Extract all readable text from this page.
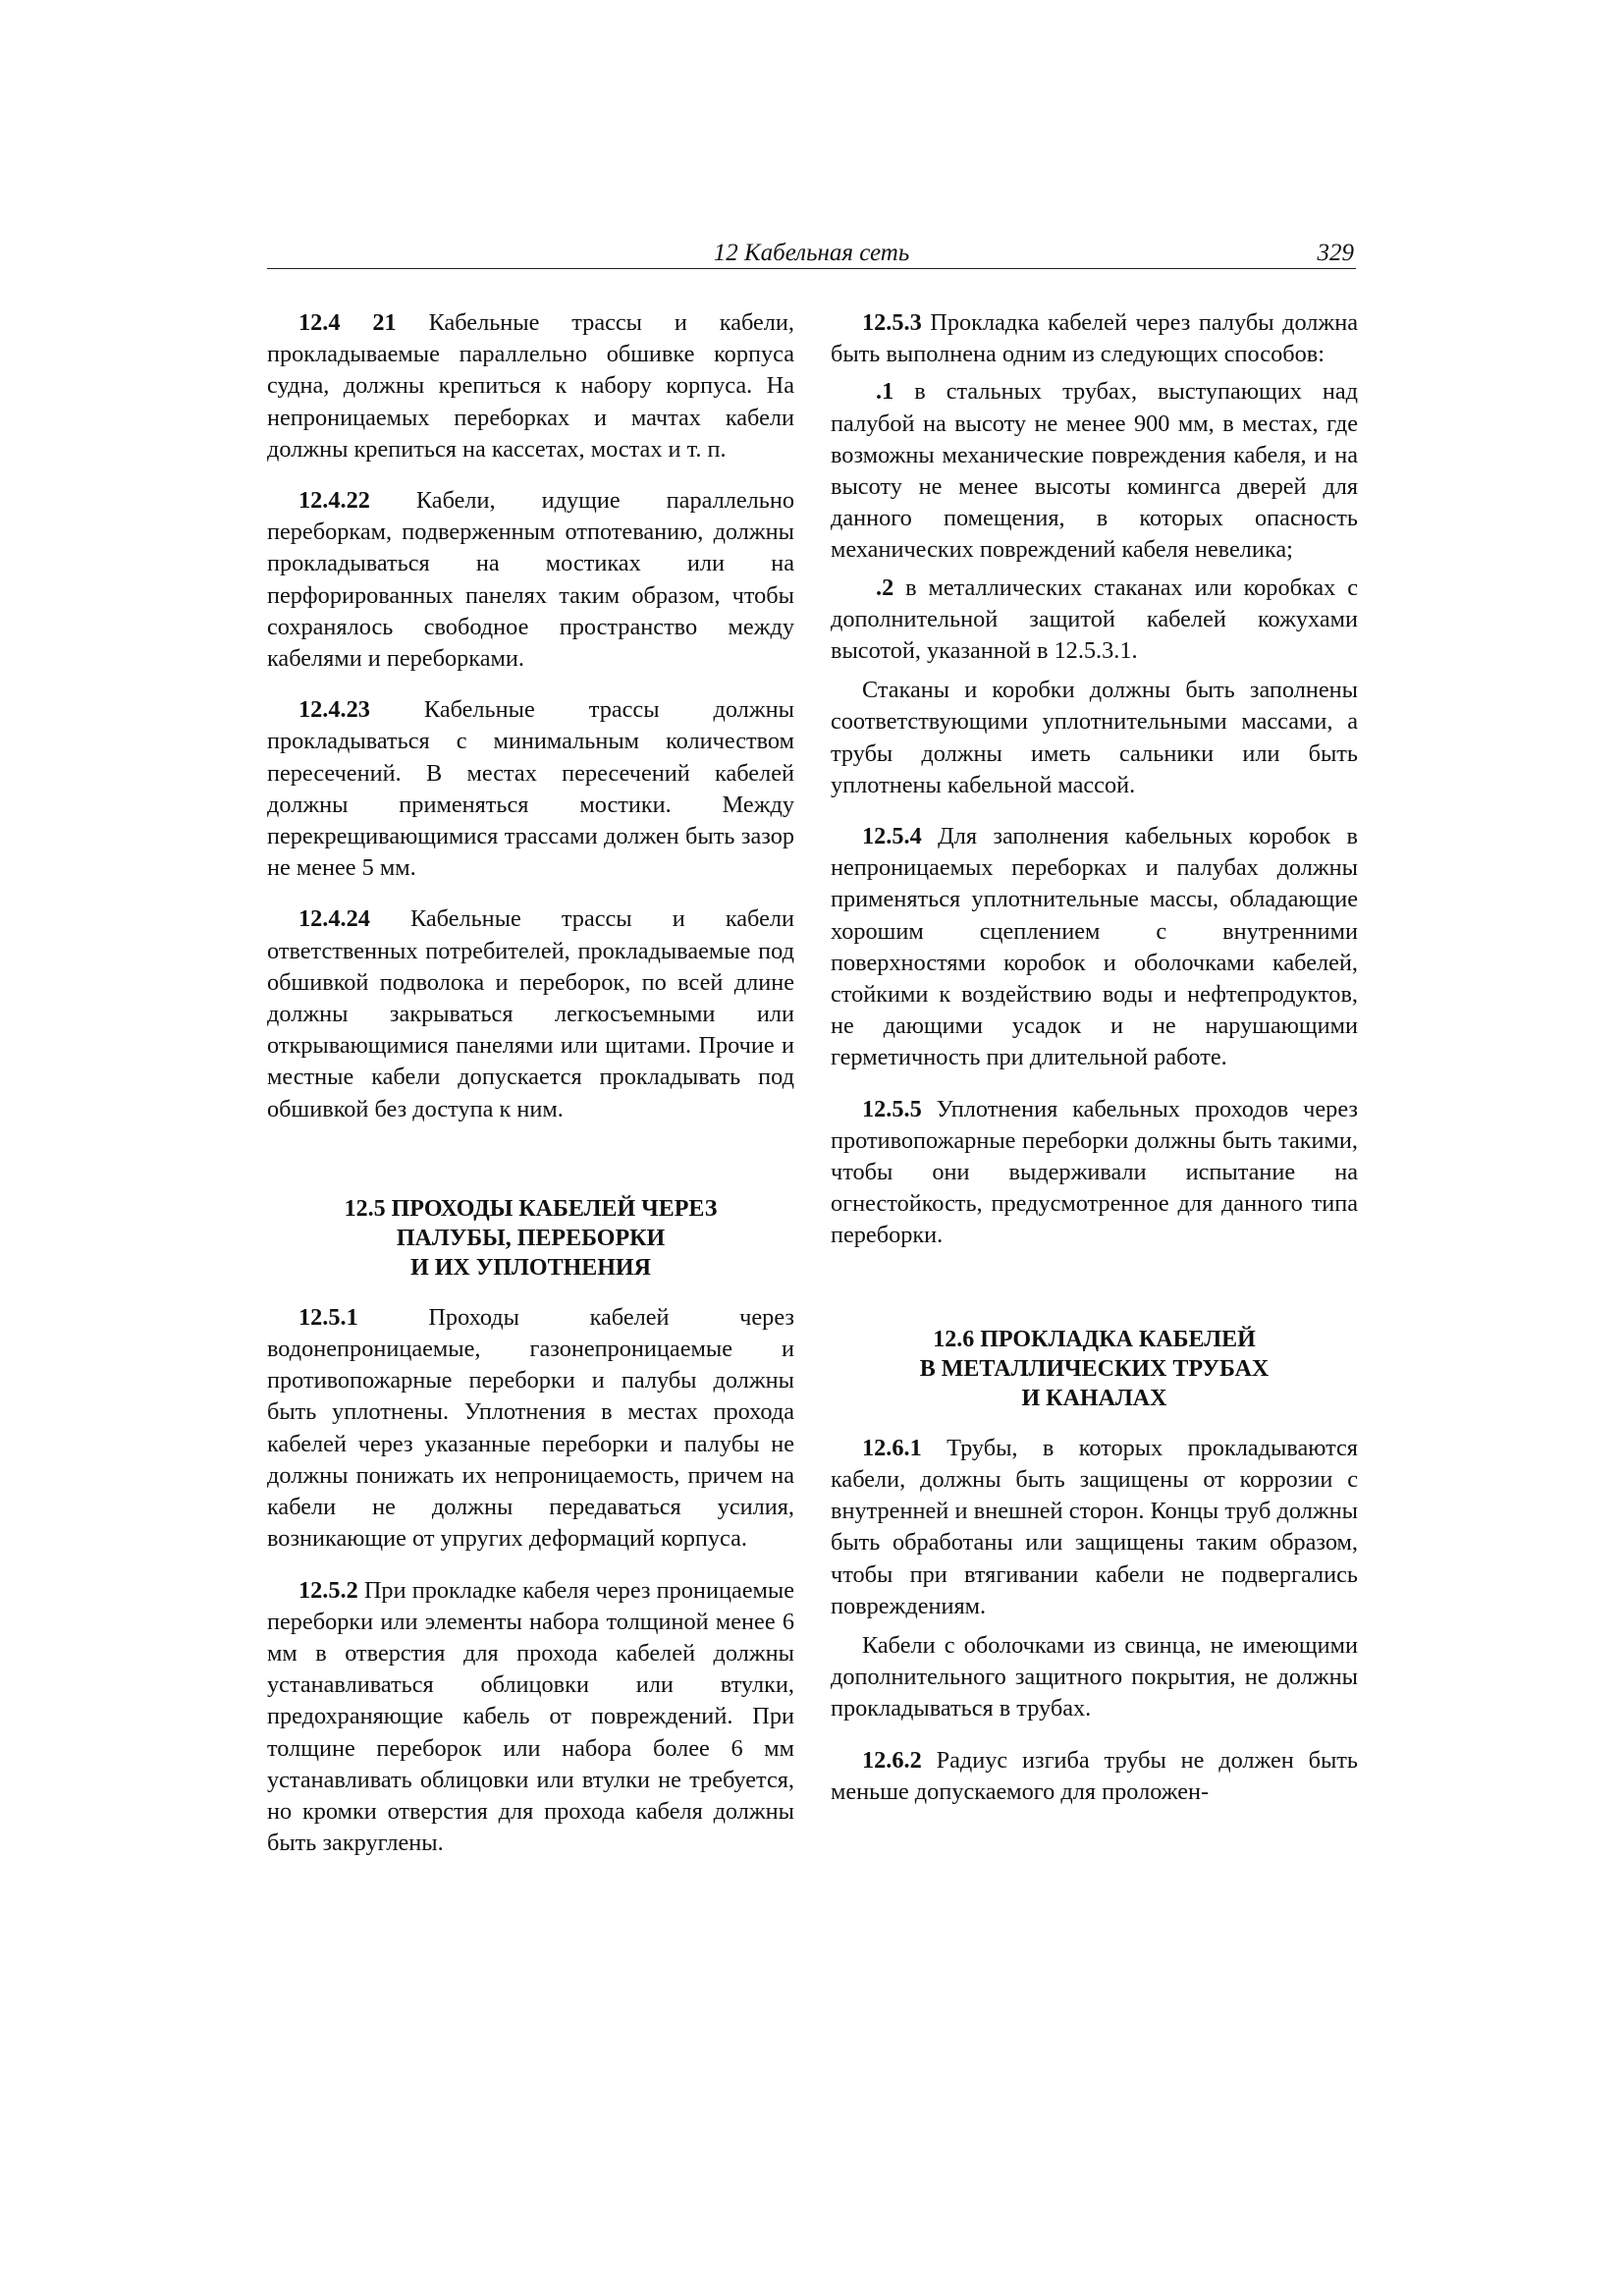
12 Кабельная сеть	329

12.4 21 Кабельные трассы и кабели, прокладываемые параллельно обшивке корпуса судна, должны крепиться к набору корпуса. На непроницаемых переборках и мачтах кабели должны крепиться на кассетах, мостах и т. п.

12.4.22 Кабели, идущие параллельно переборкам, подверженным отпотеванию, должны прокладываться на мостиках или на перфорированных панелях таким образом, чтобы сохранялось свободное пространство между кабелями и переборками.

12.4.23 Кабельные трассы должны прокладываться с минимальным количеством пересечений. В местах пересечений кабелей должны применяться мостики. Между перекрещивающимися трассами должен быть зазор не менее 5 мм.

12.4.24 Кабельные трассы и кабели ответственных потребителей, прокладываемые под обшивкой подволока и переборок, по всей длине должны закрываться легкосъемными или открывающимися панелями или щитами. Прочие и местные кабели допускается прокладывать под обшивкой без доступа к ним.

12.5 ПРОХОДЫ КАБЕЛЕЙ ЧЕРЕЗ
ПАЛУБЫ, ПЕРЕБОРКИ
И ИХ УПЛОТНЕНИЯ

12.5.1 Проходы кабелей через водонепроницаемые, газонепроницаемые и противопожарные переборки и палубы должны быть уплотнены. Уплотнения в местах прохода кабелей через указанные переборки и палубы не должны понижать их непроницаемость, причем на кабели не должны передаваться усилия, возникающие от упругих деформаций корпуса.

12.5.2 При прокладке кабеля через проницаемые переборки или элементы набора толщиной менее 6 мм в отверстия для прохода кабелей должны устанавливаться облицовки или втулки, предохраняющие кабель от повреждений. При толщине переборок или набора более 6 мм устанавливать облицовки или втулки не требуется, но кромки отверстия для прохода кабеля должны быть закруглены.

12.5.3 Прокладка кабелей через палубы должна быть выполнена одним из следующих способов:

.1 в стальных трубах, выступающих над палубой на высоту не менее 900 мм, в местах, где возможны механические повреждения кабеля, и на высоту не менее высоты комингса дверей для данного помещения, в которых опасность механических повреждений кабеля невелика;

.2 в металлических стаканах или коробках с дополнительной защитой кабелей кожухами высотой, указанной в 12.5.3.1.

Стаканы и коробки должны быть заполнены соответствующими уплотнительными массами, а трубы должны иметь сальники или быть уплотнены кабельной массой.

12.5.4 Для заполнения кабельных коробок в непроницаемых переборках и палубах должны применяться уплотнительные массы, обладающие хорошим сцеплением с внутренними поверхностями коробок и оболочками кабелей, стойкими к воздействию воды и нефтепродуктов, не дающими усадок и не нарушающими герметичность при длительной работе.

12.5.5 Уплотнения кабельных проходов через противопожарные переборки должны быть такими, чтобы они выдерживали испытание на огнестойкость, предусмотренное для данного типа переборки.

12.6 ПРОКЛАДКА КАБЕЛЕЙ
В МЕТАЛЛИЧЕСКИХ ТРУБАХ
И КАНАЛАХ

12.6.1 Трубы, в которых прокладываются кабели, должны быть защищены от коррозии с внутренней и внешней сторон. Концы труб должны быть обработаны или защищены таким образом, чтобы при втягивании кабели не подвергались повреждениям.

Кабели с оболочками из свинца, не имеющими дополнительного защитного покрытия, не должны прокладываться в трубах.

12.6.2 Радиус изгиба трубы не должен быть меньше допускаемого для проложен-
